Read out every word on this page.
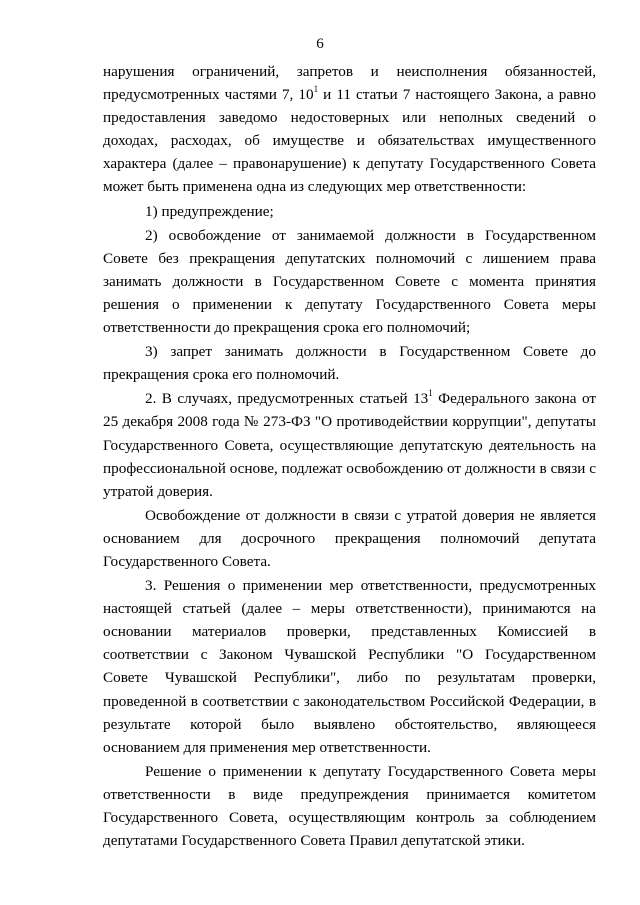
6

нарушения ограничений, запретов и неисполнения обязанностей, предусмотренных частями 7, $10^1$ и 11 статьи 7 настоящего Закона, а равно предоставления заведомо недостоверных или неполных сведений о доходах, расходах, об имуществе и обязательствах имущественного характера (далее – правонарушение) к депутату Государственного Совета может быть применена одна из следующих мер ответственности:

1) предупреждение;

2) освобождение от занимаемой должности в Государственном Совете без прекращения депутатских полномочий с лишением права занимать должности в Государственном Совете с момента принятия решения о применении к депутату Государственного Совета меры ответственности до прекращения срока его полномочий;

3) запрет занимать должности в Государственном Совете до прекращения срока его полномочий.

2. В случаях, предусмотренных статьей $13^1$ Федерального закона от 25 декабря 2008 года № 273-ФЗ "О противодействии коррупции", депутаты Государственного Совета, осуществляющие депутатскую деятельность на профессиональной основе, подлежат освобождению от должности в связи с утратой доверия.

Освобождение от должности в связи с утратой доверия не является основанием для досрочного прекращения полномочий депутата Государственного Совета.

3. Решения о применении мер ответственности, предусмотренных настоящей статьей (далее – меры ответственности), принимаются на основании материалов проверки, представленных Комиссией в соответствии с Законом Чувашской Республики "О Государственном Совете Чувашской Республики", либо по результатам проверки, проведенной в соответствии с законодательством Российской Федерации, в результате которой было выявлено обстоятельство, являющееся основанием для применения мер ответственности.

Решение о применении к депутату Государственного Совета меры ответственности в виде предупреждения принимается комитетом Государственного Совета, осуществляющим контроль за соблюдением депутатами Государственного Совета Правил депутатской этики.
